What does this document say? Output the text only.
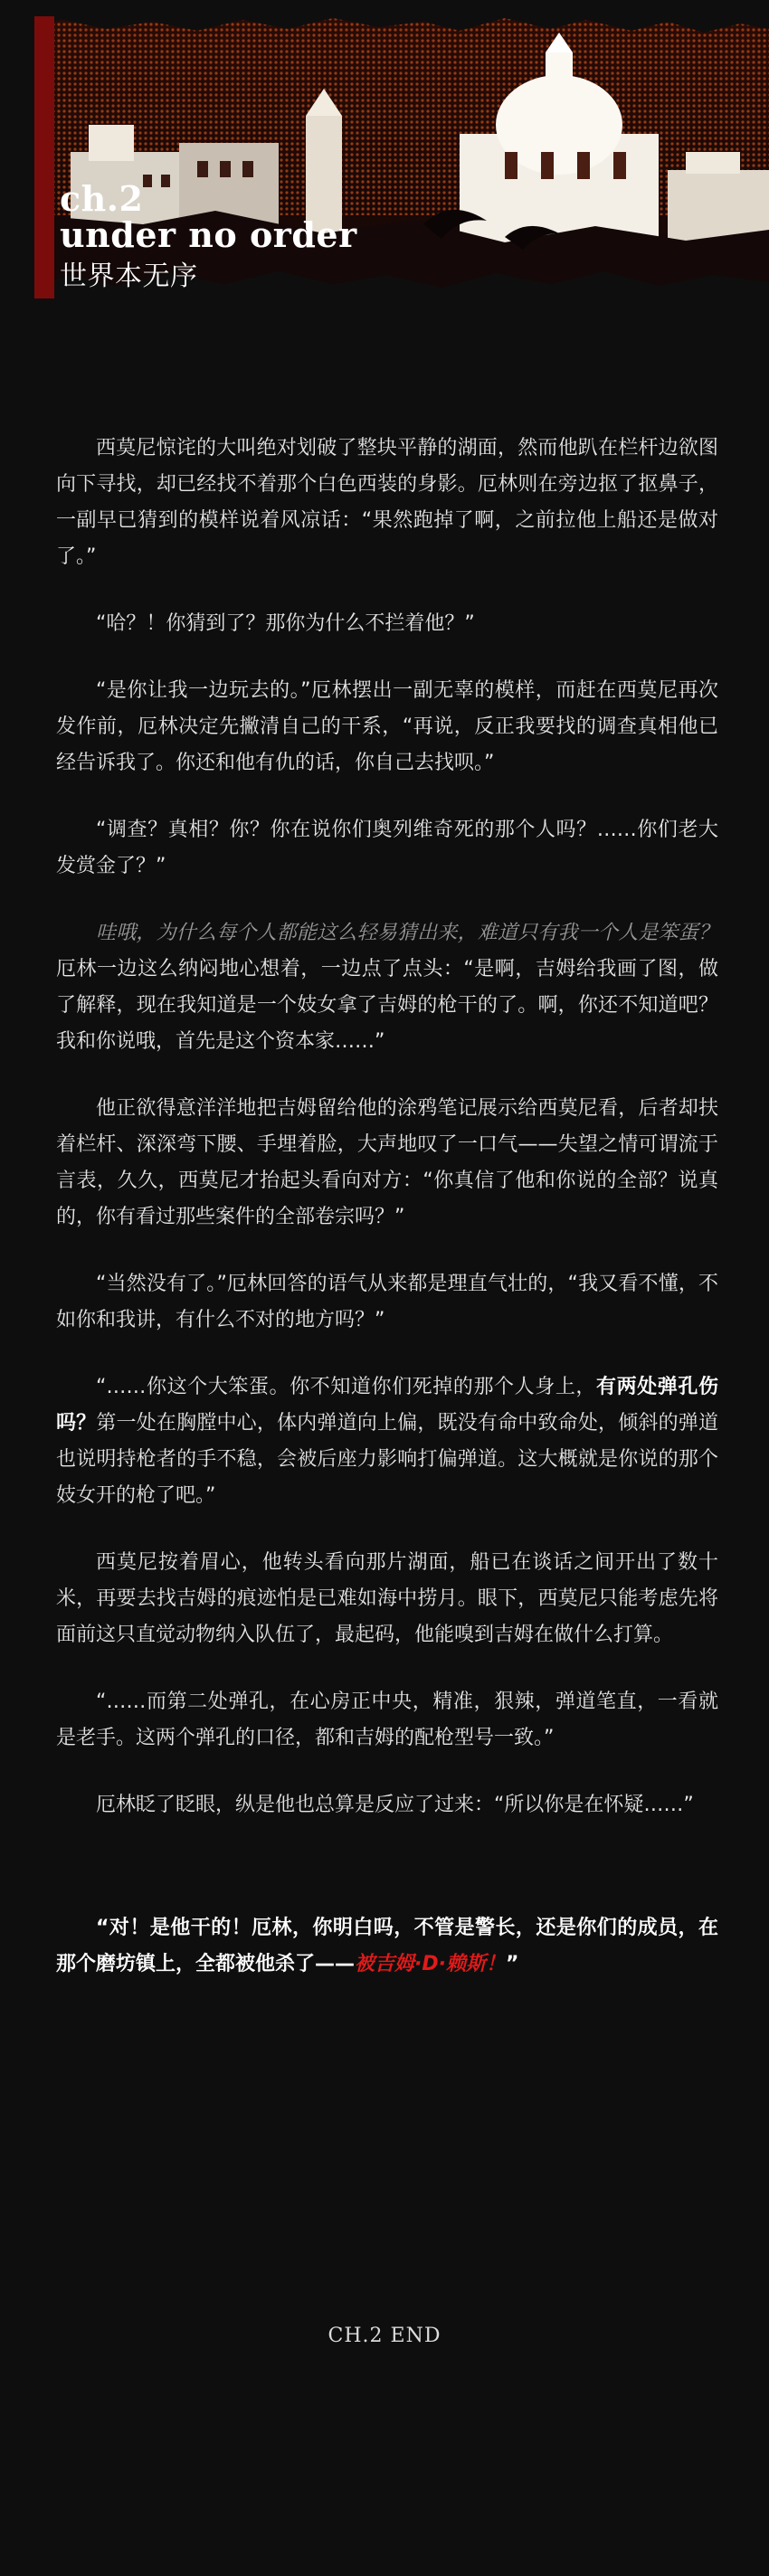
ch.2
under no order
世界本无序

西莫尼惊诧的大叫绝对划破了整块平静的湖面，然而他趴在栏杆边欲图向下寻找，却已经找不着那个白色西装的身影。厄林则在旁边抠了抠鼻子，一副早已猜到的模样说着风凉话：“果然跑掉了啊，之前拉他上船还是做对了。”

“哈？！你猜到了？那你为什么不拦着他？”

“是你让我一边玩去的。”厄林摆出一副无辜的模样，而赶在西莫尼再次发作前，厄林决定先撇清自己的干系，“再说，反正我要找的调查真相他已经告诉我了。你还和他有仇的话，你自己去找呗。”

“调查？真相？你？你在说你们奥列维奇死的那个人吗？……你们老大发赏金了？”

哇哦，为什么每个人都能这么轻易猜出来，难道只有我一个人是笨蛋？厄林一边这么纳闷地心想着，一边点了点头：“是啊，吉姆给我画了图，做了解释，现在我知道是一个妓女拿了吉姆的枪干的了。啊，你还不知道吧？我和你说哦，首先是这个资本家……”

他正欲得意洋洋地把吉姆留给他的涂鸦笔记展示给西莫尼看，后者却扶着栏杆、深深弯下腰、手埋着脸，大声地叹了一口气——失望之情可谓流于言表，久久，西莫尼才抬起头看向对方：“你真信了他和你说的全部？说真的，你有看过那些案件的全部卷宗吗？”

“当然没有了。”厄林回答的语气从来都是理直气壮的，“我又看不懂，不如你和我讲，有什么不对的地方吗？”

“……你这个大笨蛋。你不知道你们死掉的那个人身上，有两处弹孔伤吗？第一处在胸膛中心，体内弹道向上偏，既没有命中致命处，倾斜的弹道也说明持枪者的手不稳，会被后座力影响打偏弹道。这大概就是你说的那个妓女开的枪了吧。”

西莫尼按着眉心，他转头看向那片湖面，船已在谈话之间开出了数十米，再要去找吉姆的痕迹怕是已难如海中捞月。眼下，西莫尼只能考虑先将面前这只直觉动物纳入队伍了，最起码，他能嗅到吉姆在做什么打算。

“……而第二处弹孔，在心房正中央，精准，狠辣，弹道笔直，一看就是老手。这两个弹孔的口径，都和吉姆的配枪型号一致。”

厄林眨了眨眼，纵是他也总算是反应了过来：“所以你是在怀疑……”

“对！是他干的！厄林，你明白吗，不管是警长，还是你们的成员，在那个磨坊镇上，全都被他杀了——被吉姆·D·赖斯！”

CH.2 END
